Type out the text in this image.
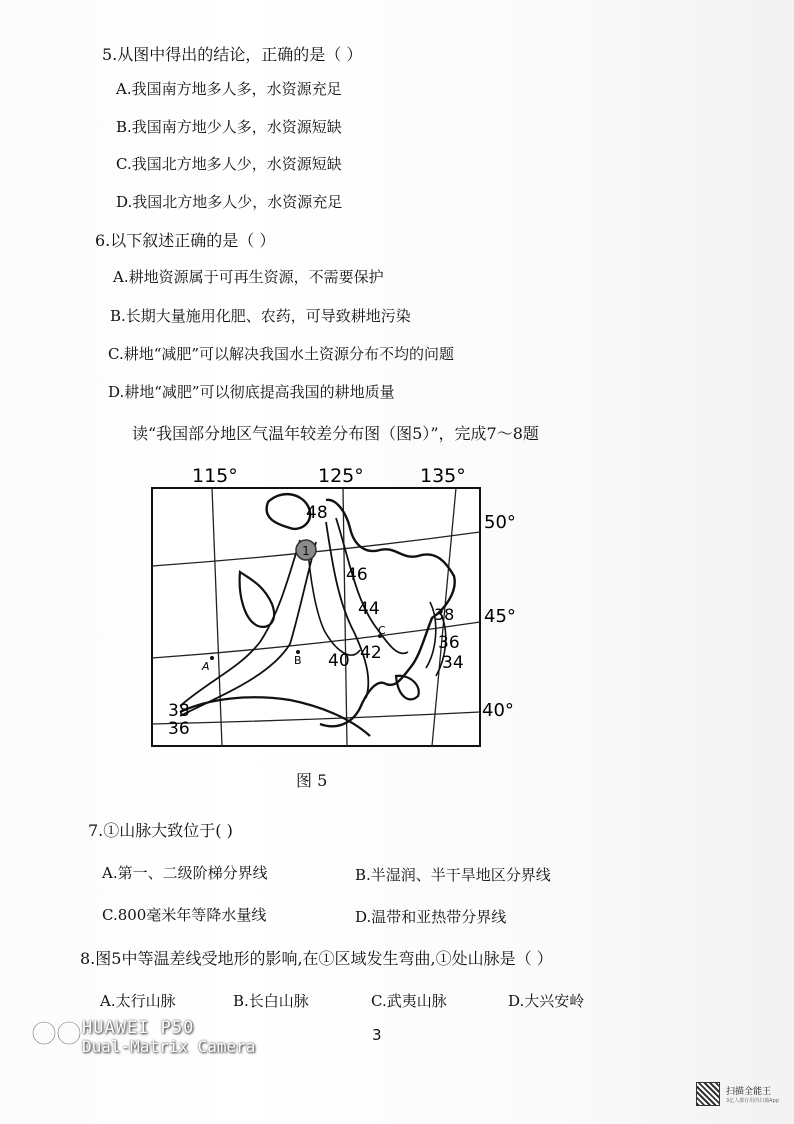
5.从图中得出的结论，正确的是（ ）
A.我国南方地多人多，水资源充足
B.我国南方地少人多，水资源短缺
C.我国北方地多人少，水资源短缺
D.我国北方地多人少，水资源充足
6.以下叙述正确的是（ ）
A.耕地资源属于可再生资源，不需要保护
B.长期大量施用化肥、农药，可导致耕地污染
C.耕地“减肥”可以解决我国水土资源分布不均的问题
D.耕地“减肥”可以彻底提高我国的耕地质量
读“我国部分地区气温年较差分布图（图5）”，完成7～8题
1
115°	125°	135°
50°
45°
40°
48
46
44
42
40
38
36
34
38
36
A	B
C
图 5
7.①山脉大致位于( )
A.第一、二级阶梯分界线	B.半湿润、半干旱地区分界线
C.800毫米年等降水量线	D.温带和亚热带分界线
8.图5中等温差线受地形的影响,在①区域发生弯曲,①处山脉是（ ）
A.太行山脉	B.长白山脉	C.武夷山脉	D.大兴安岭
3
HUAWEI P50
Dual-Matrix Camera
扫描全能王
3亿人都在用的扫描App
